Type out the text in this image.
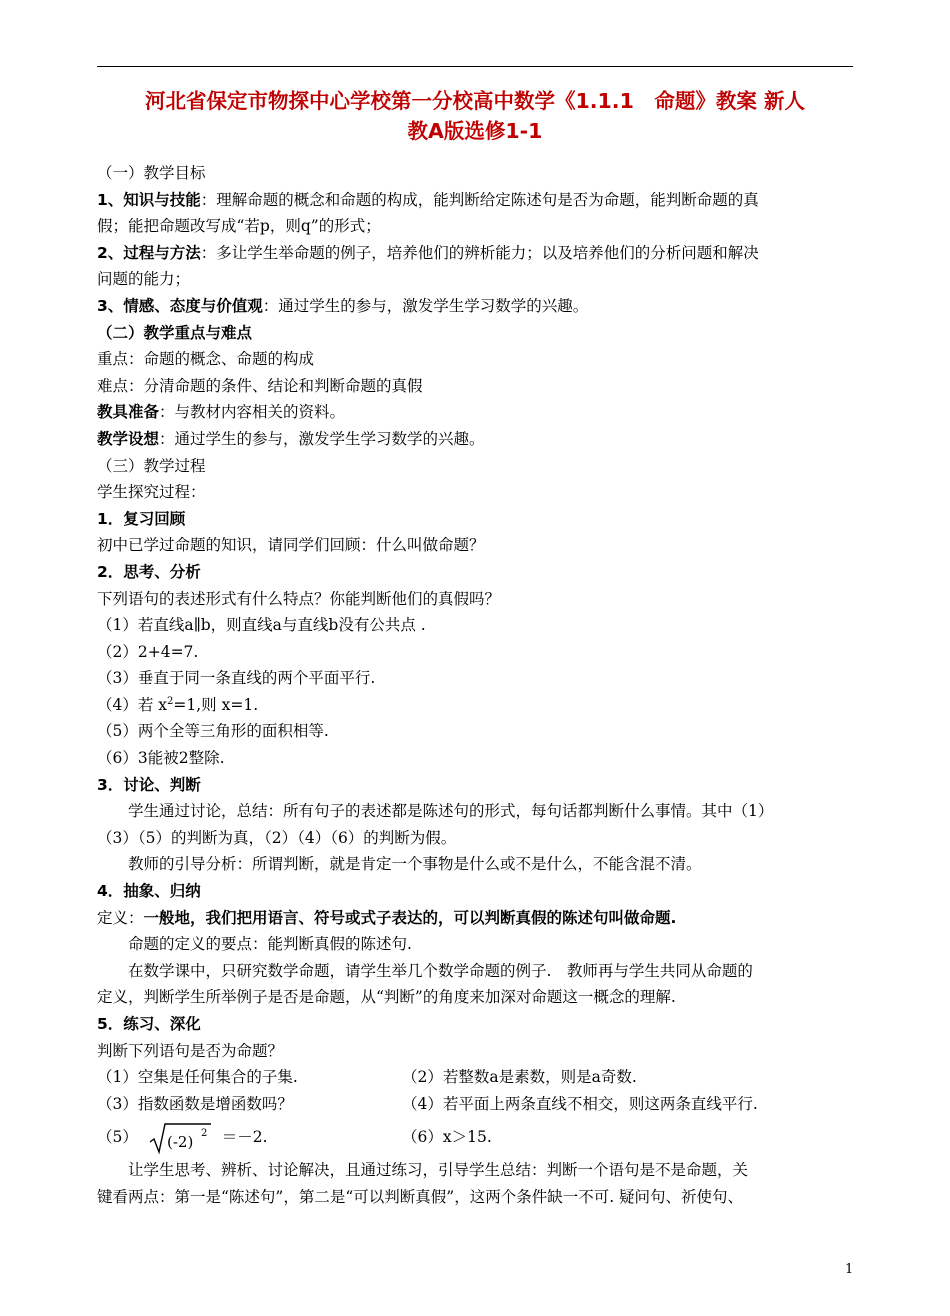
河北省保定市物探中心学校第一分校高中数学《1.1.1　命题》教案 新人
教A版选修1-1
（一）教学目标
1、知识与技能：理解命题的概念和命题的构成，能判断给定陈述句是否为命题，能判断命题的真
假；能把命题改写成“若p，则q”的形式；
2、过程与方法：多让学生举命题的例子，培养他们的辨析能力；以及培养他们的分析问题和解决
问题的能力；
3、情感、态度与价值观：通过学生的参与，激发学生学习数学的兴趣。
（二）教学重点与难点
重点：命题的概念、命题的构成
难点：分清命题的条件、结论和判断命题的真假
教具准备：与教材内容相关的资料。
教学设想：通过学生的参与，激发学生学习数学的兴趣。
（三）教学过程
学生探究过程：
1．复习回顾
初中已学过命题的知识，请同学们回顾：什么叫做命题？
2．思考、分析
下列语句的表述形式有什么特点？你能判断他们的真假吗？
（1）若直线a∥b，则直线a与直线b没有公共点 .
（2）2+4=7.
（3）垂直于同一条直线的两个平面平行.
（4）若 $x^2=1$,则 x=1.
（5）两个全等三角形的面积相等.
（6）3能被2整除.
3．讨论、判断
学生通过讨论，总结：所有句子的表述都是陈述句的形式，每句话都判断什么事情。其中（1）
（3）（5）的判断为真，（2）（4）（6）的判断为假。
教师的引导分析：所谓判断，就是肯定一个事物是什么或不是什么，不能含混不清。
4．抽象、归纳
定义：一般地，我们把用语言、符号或式子表达的，可以判断真假的陈述句叫做命题.
命题的定义的要点：能判断真假的陈述句.
在数学课中，只研究数学命题，请学生举几个数学命题的例子.　教师再与学生共同从命题的
定义，判断学生所举例子是否是命题，从“判断”的角度来加深对命题这一概念的理解.
5．练习、深化
判断下列语句是否为命题？
（1）空集是任何集合的子集.	（2）若整数a是素数，则是a奇数.
（3）指数函数是增函数吗？	（4）若平面上两条直线不相交，则这两条直线平行.
（5） (-2) 2 ＝－2.	（6）x＞15.
让学生思考、辨析、讨论解决，且通过练习，引导学生总结：判断一个语句是不是命题，关
键看两点：第一是“陈述句”，第二是“可以判断真假”，这两个条件缺一不可. 疑问句、祈使句、
1
